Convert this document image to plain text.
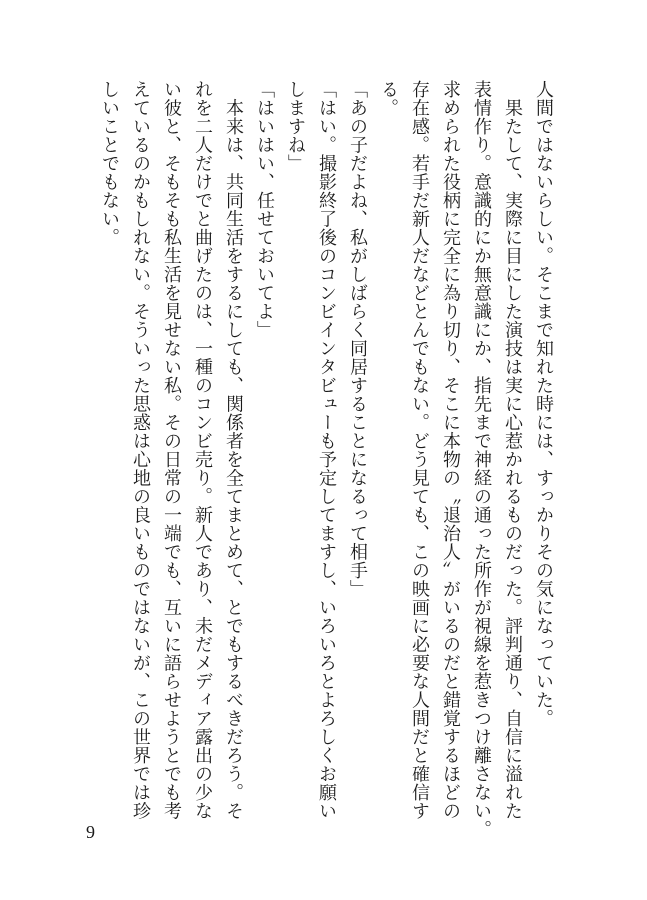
人間ではないらしい。そこまで知れた時には、すっかりその気になっていた。

　果たして、実際に目にした演技は実に心惹かれるものだった。評判通り、自信に溢れた

表情作り。意識的にか無意識にか、指先まで神経の通った所作が視線を惹きつけ離さない。

求められた役柄に完全に為り切り、そこに本物の〝退治人〟がいるのだと錯覚するほどの

存在感。若手だ新人だなどとんでもない。どう見ても、この映画に必要な人間だと確信す

る。

「あの子だよね、私がしばらく同居することになるって相手」

「はい。撮影終了後のコンビインタビューも予定してますし、いろいろとよろしくお願い

しますね」

「はいはい、任せておいてよ」

　本来は、共同生活をするにしても、関係者を全てまとめて、とでもするべきだろう。そ

れを二人だけでと曲げたのは、一種のコンビ売り。新人であり、未だメディア露出の少な

い彼と、そもそも私生活を見せない私。その日常の一端でも、互いに語らせようとでも考

えているのかもしれない。そういった思惑は心地の良いものではないが、この世界では珍

しいことでもない。

9
